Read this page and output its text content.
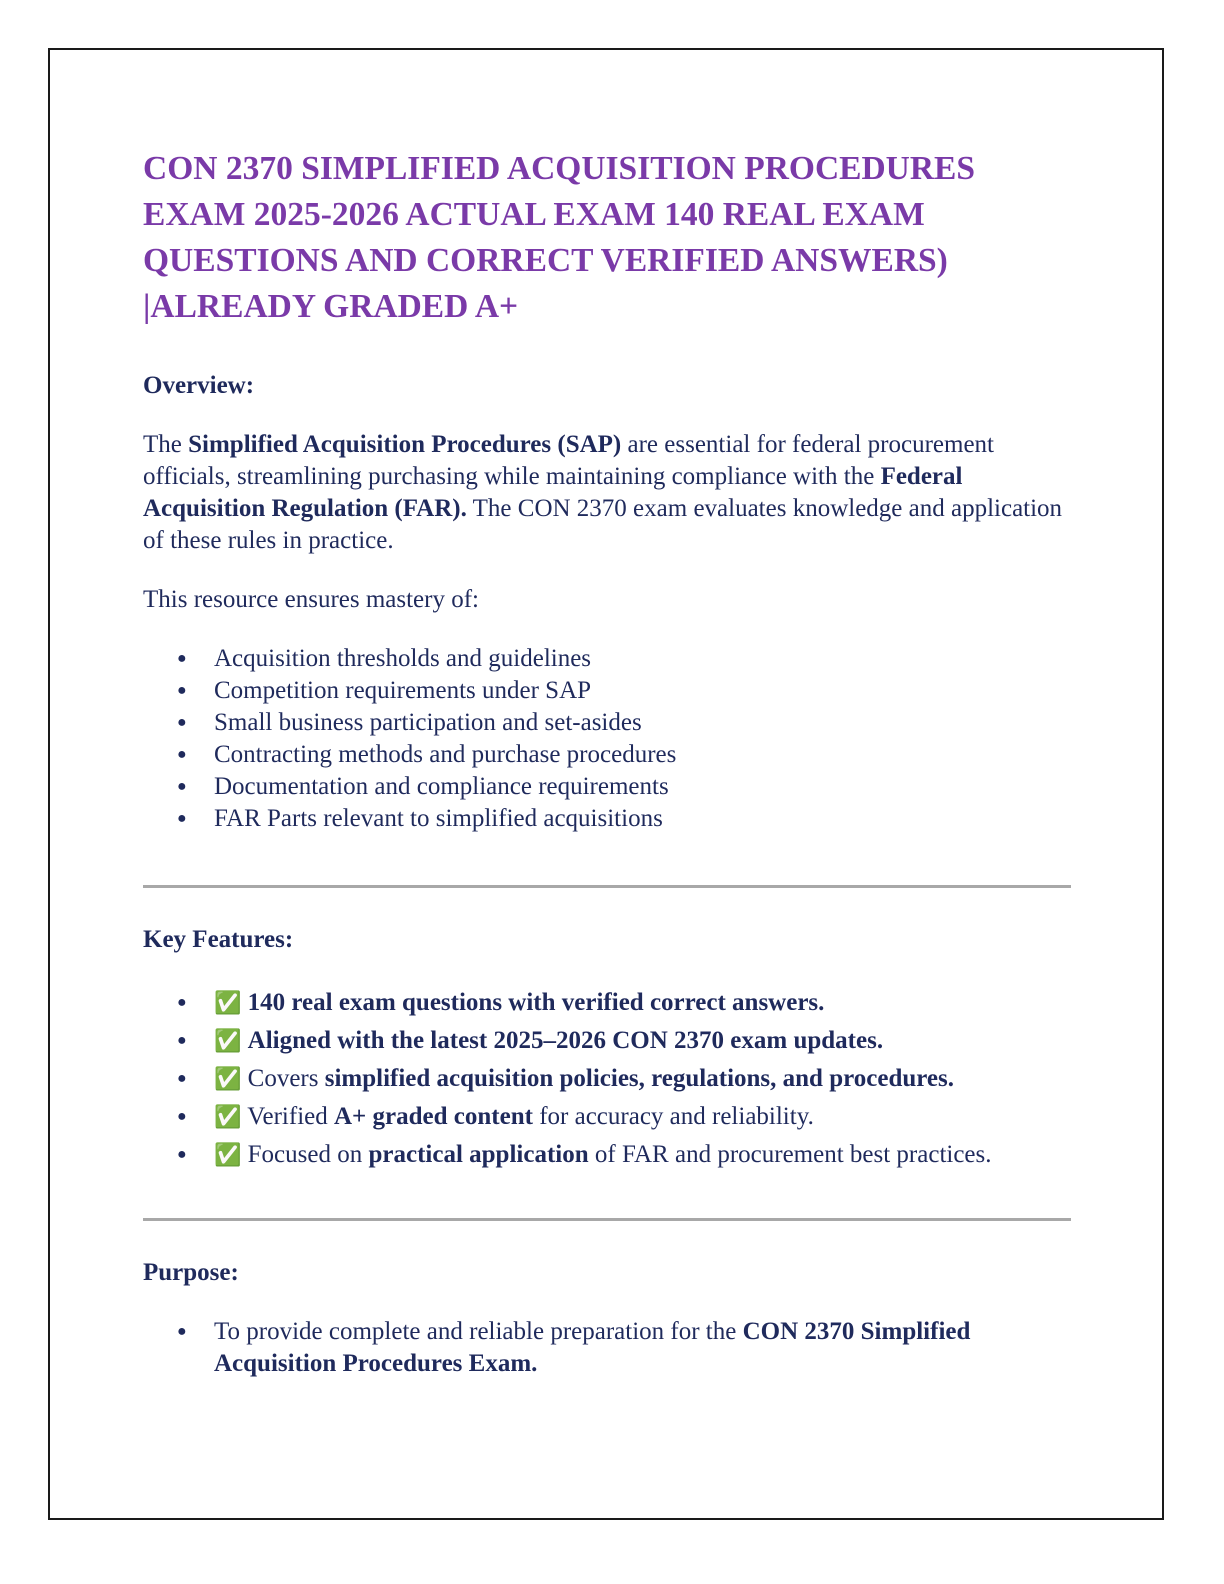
CON 2370 SIMPLIFIED ACQUISITION PROCEDURES
EXAM 2025-2026 ACTUAL EXAM 140 REAL EXAM
QUESTIONS AND CORRECT VERIFIED ANSWERS)
|ALREADY GRADED A+
Overview:

The Simplified Acquisition Procedures (SAP) are essential for federal procurement officials, streamlining purchasing while maintaining compliance with the Federal Acquisition Regulation (FAR). The CON 2370 exam evaluates knowledge and application of these rules in practice.

This resource ensures mastery of:

● Acquisition thresholds and guidelines
● Competition requirements under SAP
● Small business participation and set-asides
● Contracting methods and purchase procedures
● Documentation and compliance requirements
● FAR Parts relevant to simplified acquisitions
Key Features:
● ✅ 140 real exam questions with verified correct answers.
● ✅ Aligned with the latest 2025–2026 CON 2370 exam updates.
● ✅ Covers simplified acquisition policies, regulations, and procedures.
● ✅ Verified A+ graded content for accuracy and reliability.
● ✅ Focused on practical application of FAR and procurement best practices.
Purpose:
● To provide complete and reliable preparation for the CON 2370 Simplified Acquisition Procedures Exam.
